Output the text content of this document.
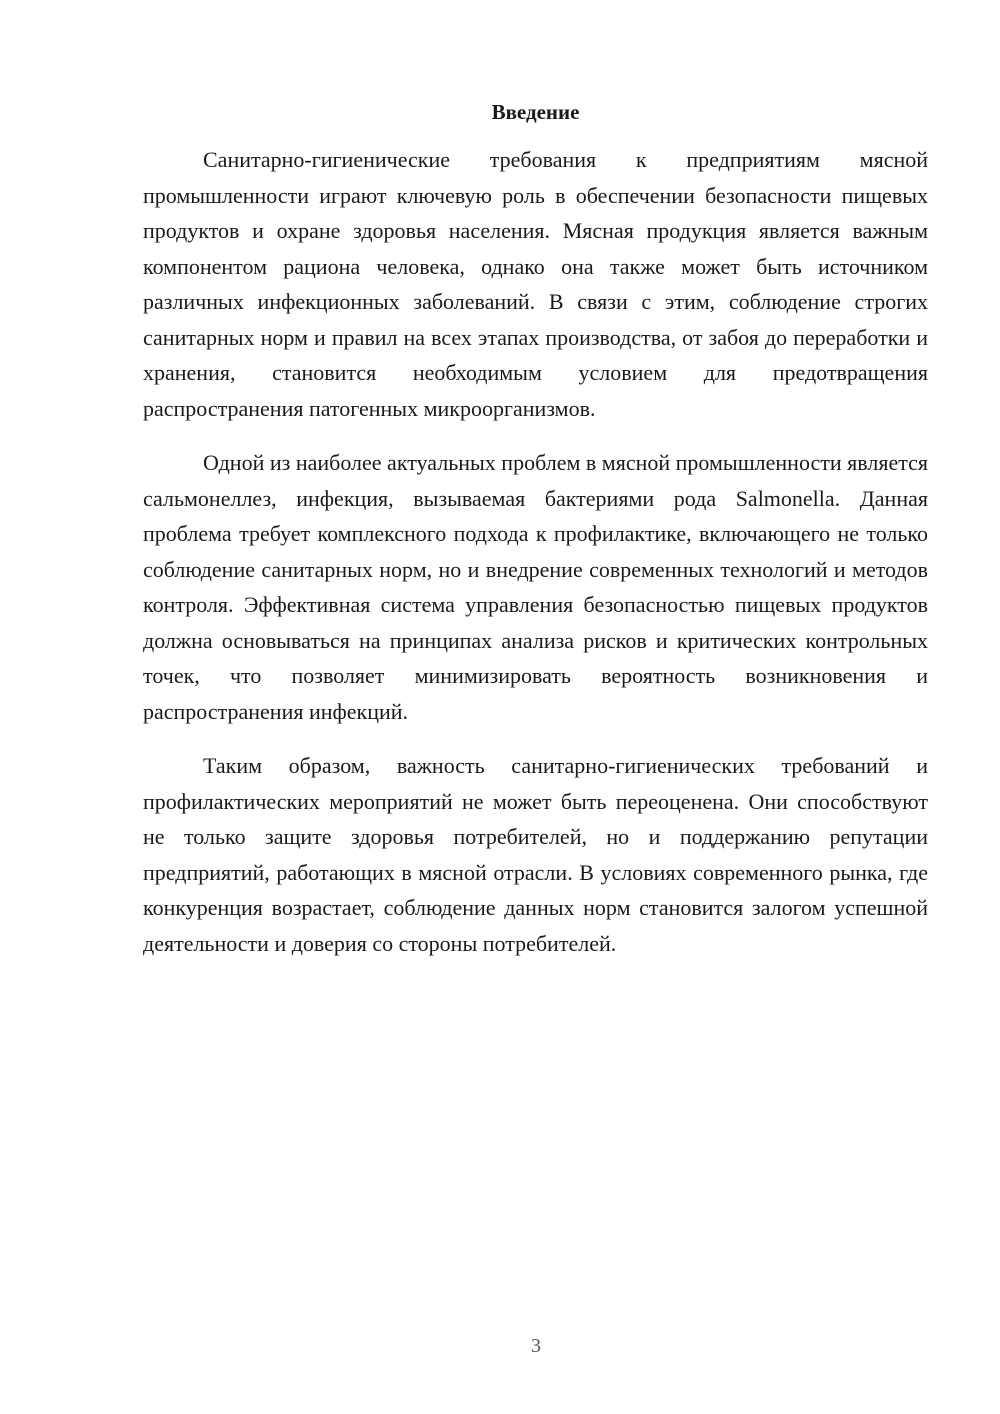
Введение

Санитарно-гигиенические требования к предприятиям мясной промышленности играют ключевую роль в обеспечении безопасности пищевых продуктов и охране здоровья населения. Мясная продукция является важным компонентом рациона человека, однако она также может быть источником различных инфекционных заболеваний. В связи с этим, соблюдение строгих санитарных норм и правил на всех этапах производства, от забоя до переработки и хранения, становится необходимым условием для предотвращения распространения патогенных микроорганизмов.

Одной из наиболее актуальных проблем в мясной промышленности является сальмонеллез, инфекция, вызываемая бактериями рода Salmonella. Данная проблема требует комплексного подхода к профилактике, включающего не только соблюдение санитарных норм, но и внедрение современных технологий и методов контроля. Эффективная система управления безопасностью пищевых продуктов должна основываться на принципах анализа рисков и критических контрольных точек, что позволяет минимизировать вероятность возникновения и распространения инфекций.

Таким образом, важность санитарно-гигиенических требований и профилактических мероприятий не может быть переоценена. Они способствуют не только защите здоровья потребителей, но и поддержанию репутации предприятий, работающих в мясной отрасли. В условиях современного рынка, где конкуренция возрастает, соблюдение данных норм становится залогом успешной деятельности и доверия со стороны потребителей.

3
